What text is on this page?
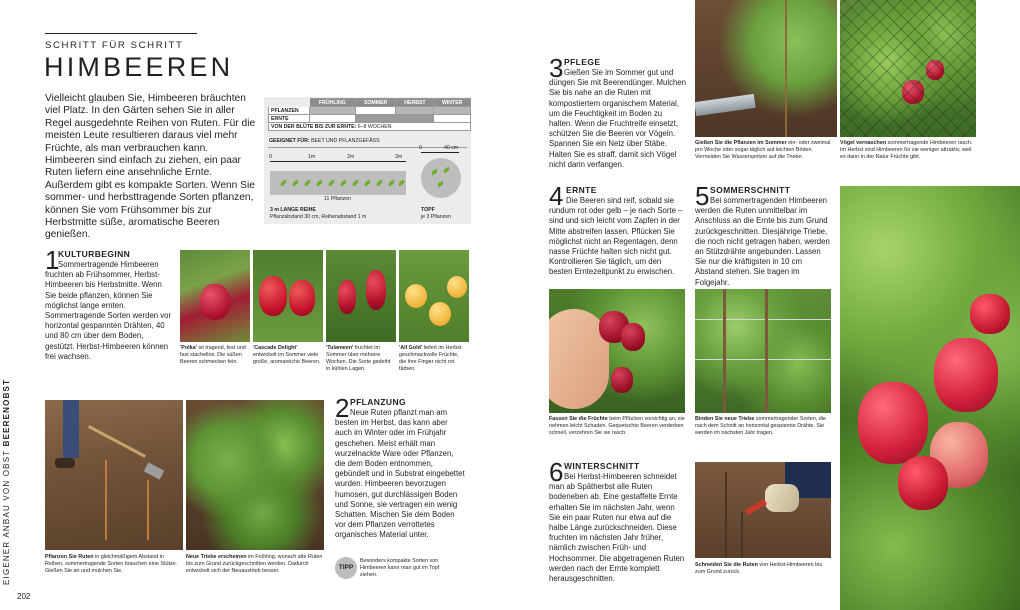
SCHRITT FÜR SCHRITT
HIMBEEREN
Vielleicht glauben Sie, Himbeeren bräuchten viel Platz. In den Gärten sehen Sie in aller Regel ausgedehnte Reihen von Ruten. Für die meisten Leute resultieren daraus viel mehr Früchte, als man verbrauchen kann. Himbeeren sind einfach zu ziehen, ein paar Ruten liefern eine ansehnliche Ernte. Außerdem gibt es kompakte Sorten. Wenn Sie sommer- und herbsttragende Sorten pflanzen, können Sie vom Frühsommer bis zur Herbstmitte süße, aromatische Beeren genießen.
	FRÜHLING	SOMMER	HERBST	WINTER
PFLANZEN				
ERNTE				
VON DER BLÜTE BIS ZUR ERNTE: 6–8 WOCHEN				
GEEIGNET FÜR: BEET UND PFLANZGEFÄSS
0	1m	2m	3m
11 Pflanzen
3 m LANGE REIHE
Pflanzabstand 30 cm, Reihenabstand 1 m
0	40 cm
TOPF
je 3 Pflanzen
1
KULTURBEGINN
Sommertragende Himbeeren fruchten ab Frühsommer, Herbst-Himbeeren bis Herbstmitte. Wenn Sie beide pflanzen, können Sie möglichst lange ernten. Sommertragende Sorten werden vor horizontal gespannten Drähten, 40 und 80 cm über dem Boden, gestützt. Herbst-Himbeeren können frei wachsen.
'Polka' ist tragend, fest und fast stachellos. Die süßen Beeren schmecken fein.
'Cascade Delight' entwickelt im Sommer viele große, aromareiche Beeren.
'Tulameen' fruchtet im Sommer über mehrere Wochen. Die Sorte gedeiht in kühlen Lagen.
'All Gold' liefert im Herbst geschmackvolle Früchte, die ihre Finger nicht rot färben.
Pflanzen Sie Ruten in gleichmäßigem Abstand in Reihen, sommertragende Sorten brauchen eine Stütze. Gießen Sie an und mulchen Sie.
Neue Triebe erscheinen im Frühling, wonach alte Ruten bis zum Grund zurückgeschnitten werden. Dadurch entwickelt sich der Neuaustrieb besser.
2 PFLANZUNG
Neue Ruten pflanzt man am besten im Herbst, das kann aber auch im Winter oder im Frühjahr geschehen. Meist erhält man wurzelnackte Ware oder Pflanzen, die dem Boden entnommen, gebündelt und in Substrat eingebettet wurden. Himbeeren bevorzugen humosen, gut durchlässigen Boden und Sonne, sie vertragen ein wenig Schatten. Mischen Sie dem Boden vor dem Pflanzen verrottetes organisches Material unter.
TIPP
Besonders kompakte Sorten von Himbeeren kann man gut im Topf ziehen.
EIGENER ANBAU VON OBST BEERENOBST
202
3 PFLEGE
Gießen Sie im Sommer gut und düngen Sie mit Beerendünger. Mulchen Sie bis nahe an die Ruten mit kompostiertem organischem Material, um die Feuchtigkeit im Boden zu halten. Wenn die Fruchtreife einsetzt, schützen Sie die Beeren vor Vögeln. Spannen Sie ein Netz über Stäbe. Halten Sie es straff, damit sich Vögel nicht darin verfangen.
Gießen Sie die Pflanzen im Sommer ein- oder zweimal pro Woche oder sogar täglich auf leichten Böden. Vermeiden Sie Wasserspritzer auf die Triebe.
Vögel vernaschen sommertragende Himbeeren rasch. Im Herbst sind Himbeeren für sie weniger attraktiv, weil es dann in der Natur Früchte gibt.
4 ERNTE
Die Beeren sind reif, sobald sie rundum rot oder gelb – je nach Sorte – sind und sich leicht vom Zapfen in der Mitte abstreifen lassen. Pflücken Sie möglichst nicht an Regentagen, denn nasse Früchte halten sich nicht gut. Kontrollieren Sie täglich, um den besten Erntezeitpunkt zu erwischen.
5 SOMMERSCHNITT
Bei sommertragenden Himbeeren werden die Ruten unmittelbar im Anschluss an die Ernte bis zum Grund zurückgeschnitten. Diesjährige Triebe, die noch nicht getragen haben, werden an Stützdrähte angebunden. Lassen Sie nur die kräftigsten in 10 cm Abstand stehen. Sie tragen im Folgejahr.
Fassen Sie die Früchte beim Pflücken vorsichtig an, sie nehmen leicht Schaden. Gequetschte Beeren verderben schnell, verzehren Sie sie rasch.
Binden Sie neue Triebe sommertragender Sorten, die nach dem Schnitt an horizontal gespannte Drähte. Sie werden im nächsten Jahr tragen.
6 WINTERSCHNITT
Bei Herbst-Himbeeren schneidet man ab Spätherbst alle Ruten bodeneben ab. Eine gestaffelte Ernte erhalten Sie im nächsten Jahr, wenn Sie ein paar Ruten nur etwa auf die halbe Länge zurückschneiden. Diese fruchten im nächsten Jahr früher, nämlich zwischen Früh- und Hochsommer. Die abgetragenen Ruten werden nach der Ernte komplett herausgeschnitten.
Schneiden Sie die Ruten von Herbst-Himbeeren bis zum Grund zurück.
